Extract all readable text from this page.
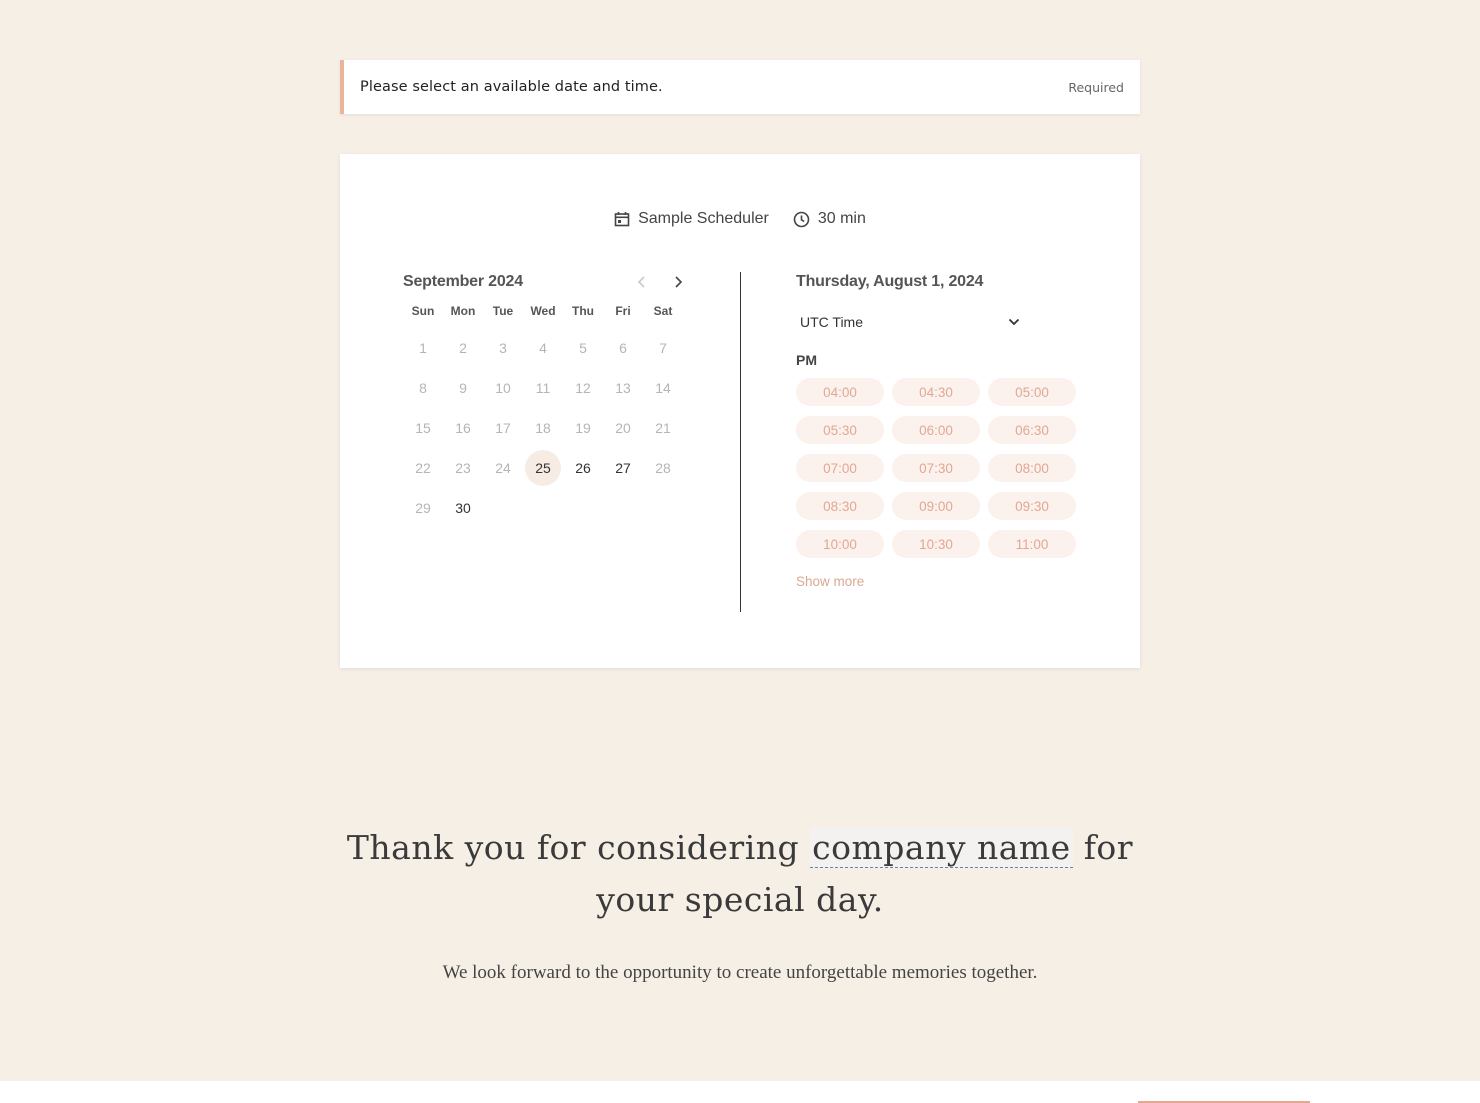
Please select an available date and time.	Required
Sample Scheduler	30 min
September 2024
Sun	Mon	Tue	Wed	Thu	Fri	Sat
1	2	3	4	5	6	7
8	9	10	11	12	13	14
15	16	17	18	19	20	21
22	23	24	25	26	27	28
29	30
Thursday, August 1, 2024
UTC Time
PM
04:00	04:30	05:00
05:30	06:00	06:30
07:00	07:30	08:00
08:30	09:00	09:30
10:00	10:30	11:00
Show more
Thank you for considering company name for your special day.
We look forward to the opportunity to create unforgettable memories together.
